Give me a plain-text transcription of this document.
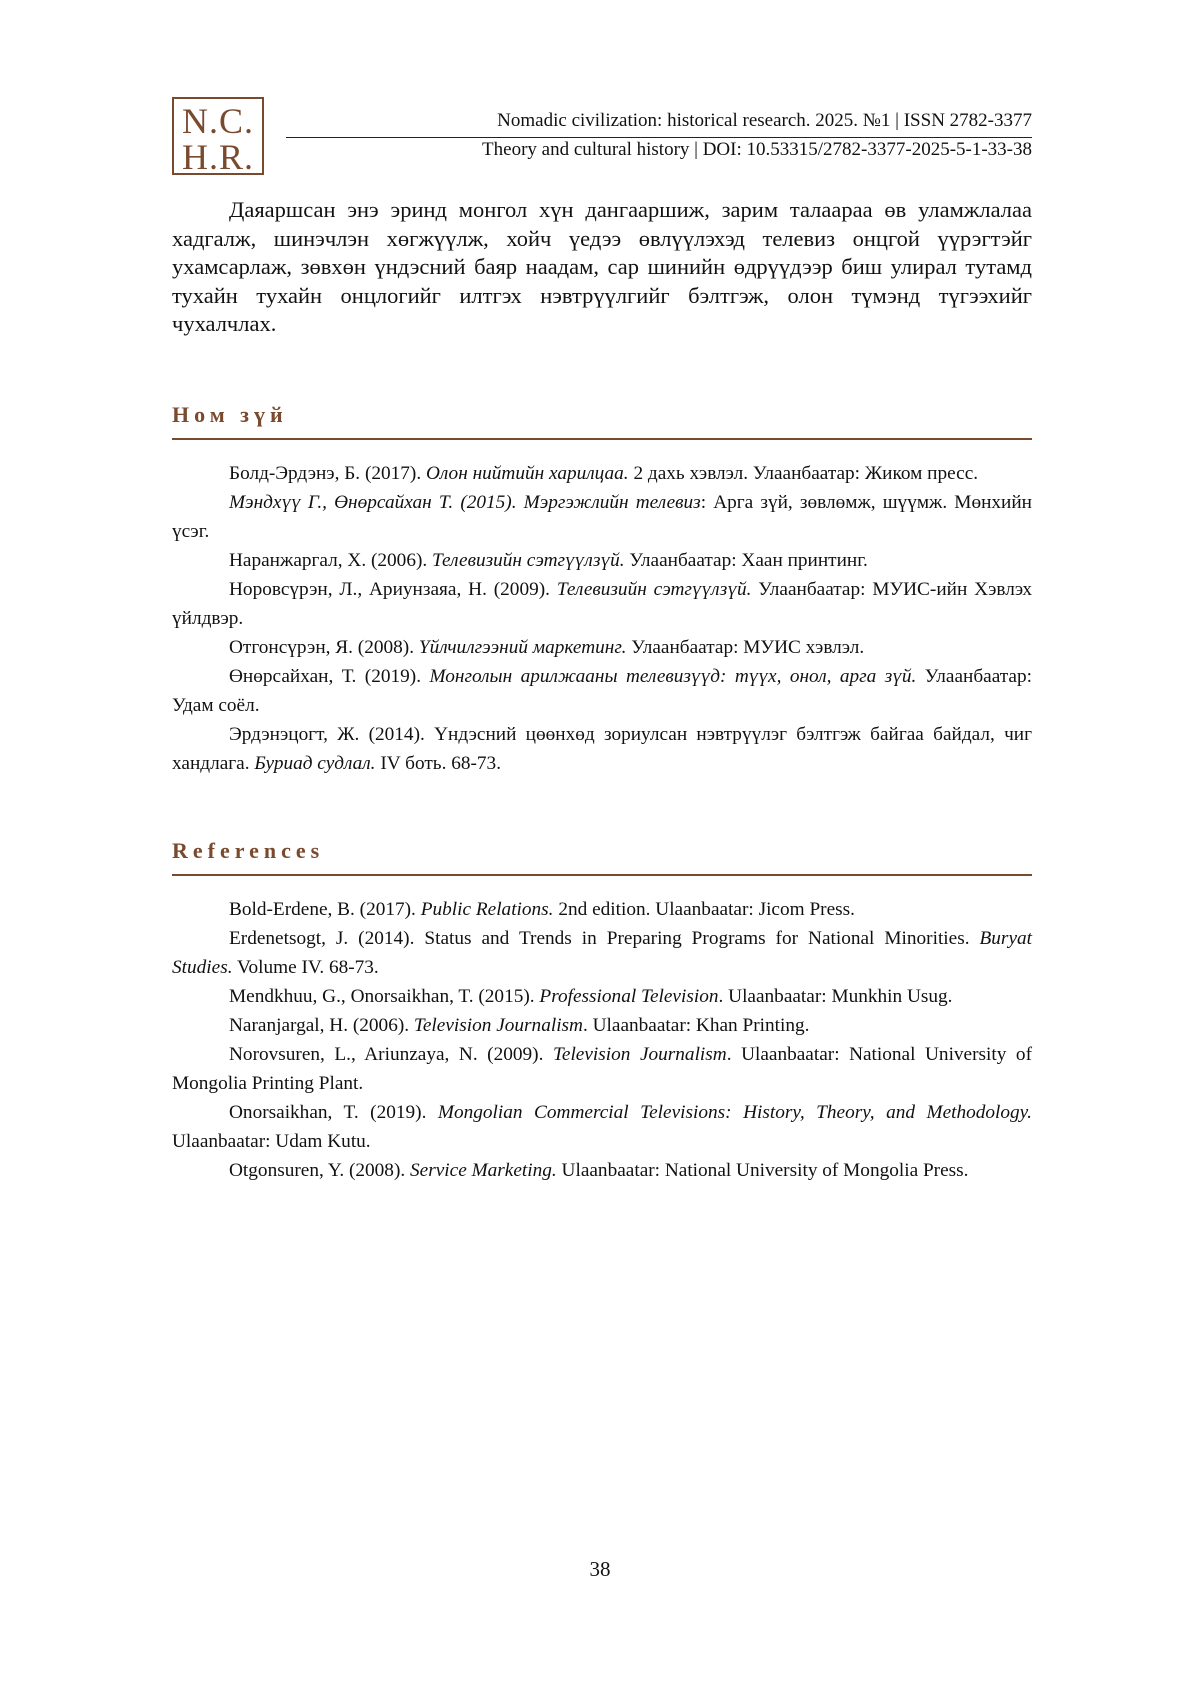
N.C.
H.R.
Nomadic civilization: historical research. 2025. №1 | ISSN 2782-3377
Theory and cultural history | DOI: 10.53315/2782-3377-2025-5-1-33-38

Даяаршсан энэ эринд монгол хүн дангааршиж, зарим талаараа өв уламжлалаа хадгалж, шинэчлэн хөгжүүлж, хойч үедээ өвлүүлэхэд телевиз онцгой үүрэгтэйг ухамсарлаж, зөвхөн үндэсний баяр наадам, сар шинийн өдрүүдээр биш улирал тутамд тухайн тухайн онцлогийг илтгэх нэвтрүүлгийг бэлтгэж, олон түмэнд түгээхийг чухалчлах.

Ном зүй
Болд-Эрдэнэ, Б. (2017). Олон нийтийн харилцаа. 2 дахь хэвлэл. Улаанбаатар: Жиком пресс.
Мэндхүү Г., Өнөрсайхан Т. (2015). Мэргэжлийн телевиз: Арга зүй, зөвлөмж, шүүмж. Мөнхийн үсэг.
Наранжаргал, Х. (2006). Телевизийн сэтгүүлзүй. Улаанбаатар: Хаан принтинг.
Норовсүрэн, Л., Ариунзаяа, Н. (2009). Телевизийн сэтгүүлзүй. Улаанбаатар: МУИС-ийн Хэвлэх үйлдвэр.
Отгонсүрэн, Я. (2008). Үйлчилгээний маркетинг. Улаанбаатар: МУИС хэвлэл.
Өнөрсайхан, Т. (2019). Монголын арилжааны телевизүүд: түүх, онол, арга зүй. Улаанбаатар: Удам соёл.
Эрдэнэцогт, Ж. (2014). Үндэсний цөөнхөд зориулсан нэвтрүүлэг бэлтгэж байгаа байдал, чиг хандлага. Буриад судлал. IV боть. 68-73.
References
Bold-Erdene, B. (2017). Public Relations. 2nd edition. Ulaanbaatar: Jicom Press.
Erdenetsogt, J. (2014). Status and Trends in Preparing Programs for National Minorities. Buryat Studies. Volume IV. 68-73.
Mendkhuu, G., Onorsaikhan, T. (2015). Professional Television. Ulaanbaatar: Munkhin Usug.
Naranjargal, H. (2006). Television Journalism. Ulaanbaatar: Khan Printing.
Norovsuren, L., Ariunzaya, N. (2009). Television Journalism. Ulaanbaatar: National University of Mongolia Printing Plant.
Onorsaikhan, T. (2019). Mongolian Commercial Televisions: History, Theory, and Methodology. Ulaanbaatar: Udam Kutu.
Otgonsuren, Y. (2008). Service Marketing. Ulaanbaatar: National University of Mongolia Press.
38
